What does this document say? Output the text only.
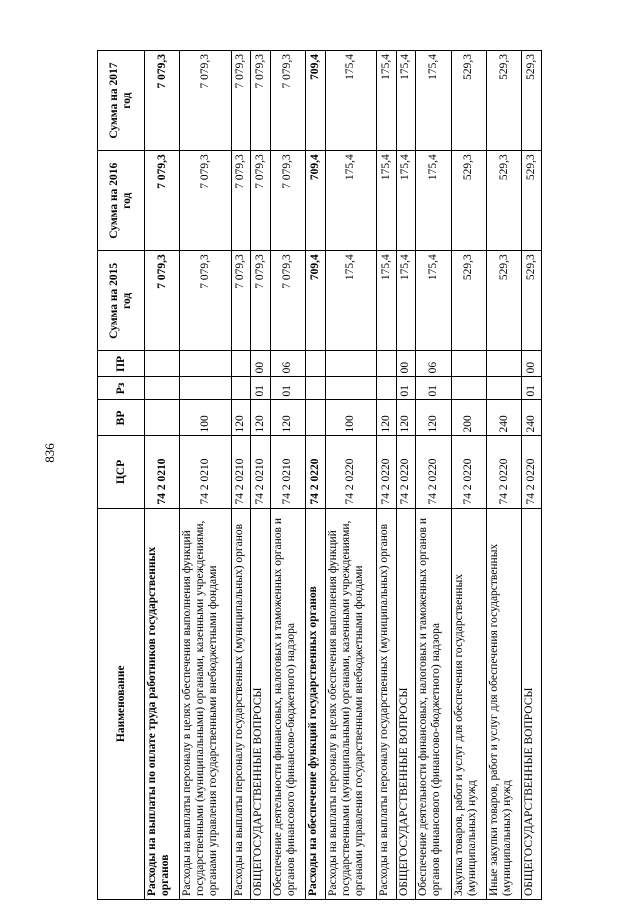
836
Наименование	ЦСР	ВР	Рз	ПР	Сумма на 2015 год	Сумма на 2016 год	Сумма на 2017 год
Расходы на выплаты по оплате труда работников государственных органов	74 2 0210				7 079,3	7 079,3	7 079,3
Расходы на выплаты персоналу в целях обеспечения выполнения функций государственными (муниципальными) органами, казенными учреждениями, органами управления государственными внебюджетными фондами	74 2 0210	100			7 079,3	7 079,3	7 079,3
Расходы на выплаты персоналу государственных (муниципальных) органов	74 2 0210	120			7 079,3	7 079,3	7 079,3
ОБЩЕГОСУДАРСТВЕННЫЕ ВОПРОСЫ	74 2 0210	120	01	00	7 079,3	7 079,3	7 079,3
Обеспечение деятельности финансовых, налоговых и таможенных органов и органов финансового (финансово-бюджетного) надзора	74 2 0210	120	01	06	7 079,3	7 079,3	7 079,3
Расходы на обеспечение функций государственных органов	74 2 0220				709,4	709,4	709,4
Расходы на выплаты персоналу в целях обеспечения выполнения функций государственными (муниципальными) органами, казенными учреждениями, органами управления государственными внебюджетными фондами	74 2 0220	100			175,4	175,4	175,4
Расходы на выплаты персоналу государственных (муниципальных) органов	74 2 0220	120			175,4	175,4	175,4
ОБЩЕГОСУДАРСТВЕННЫЕ ВОПРОСЫ	74 2 0220	120	01	00	175,4	175,4	175,4
Обеспечение деятельности финансовых, налоговых и таможенных органов и органов финансового (финансово-бюджетного) надзора	74 2 0220	120	01	06	175,4	175,4	175,4
Закупка товаров, работ и услуг для обеспечения государственных (муниципальных) нужд	74 2 0220	200			529,3	529,3	529,3
Иные закупки товаров, работ и услуг для обеспечения государственных (муниципальных) нужд	74 2 0220	240			529,3	529,3	529,3
ОБЩЕГОСУДАРСТВЕННЫЕ ВОПРОСЫ	74 2 0220	240	01	00	529,3	529,3	529,3
